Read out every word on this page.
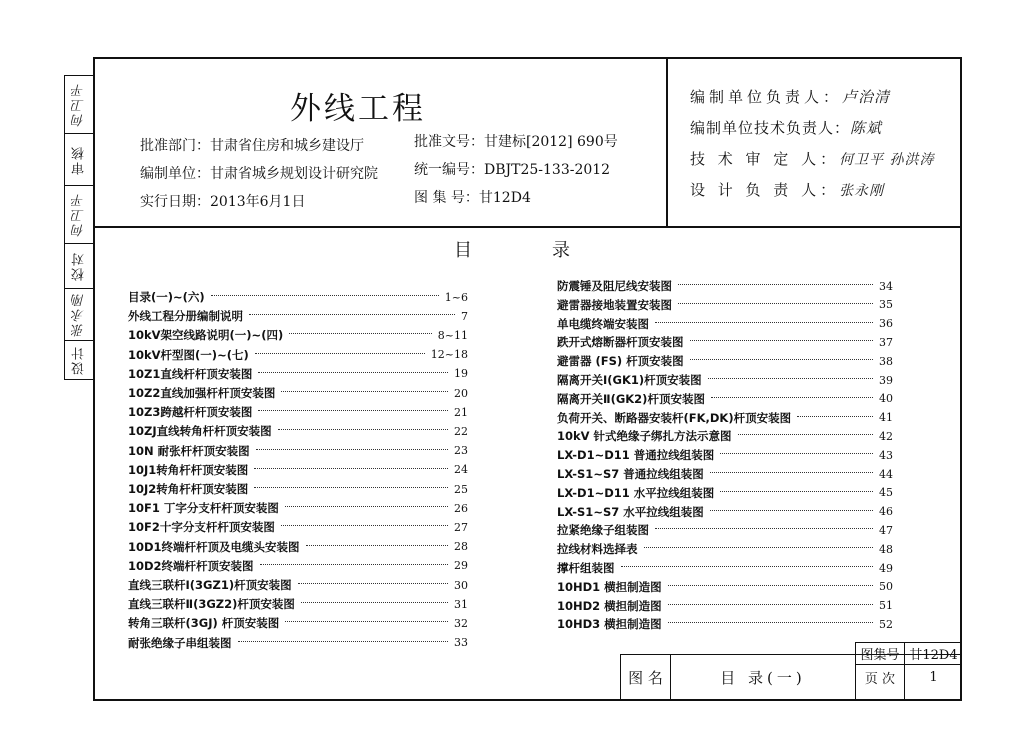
何卫平
审核
何卫平
校对
张永刚
设计
外线工程
批准部门：甘肃省住房和城乡建设厅
编制单位：甘肃省城乡规划设计研究院
实行日期：2013年6月1日
批准文号：甘建标[2012] 690号
统一编号：DBJT25-133-2012
图 集 号：甘12D4
编制单位负责人：卢治清
编制单位技术负责人：陈斌
技 术 审 定 人：何卫平 孙洪涛
设 计 负 责 人：张永刚
目	录
目录(一)~(六)	1~6
外线工程分册编制说明	7
10kV架空线路说明(一)~(四)	8~11
10kV杆型图(一)~(七)	12~18
10Z1直线杆杆顶安装图	19
10Z2直线加强杆杆顶安装图	20
10Z3跨越杆杆顶安装图	21
10ZJ直线转角杆杆顶安装图	22
10N 耐张杆杆顶安装图	23
10J1转角杆杆顶安装图	24
10J2转角杆杆顶安装图	25
10F1 丁字分支杆杆顶安装图	26
10F2十字分支杆杆顶安装图	27
10D1终端杆杆顶及电缆头安装图	28
10D2终端杆杆顶安装图	29
直线三联杆Ⅰ(3GZ1)杆顶安装图	30
直线三联杆Ⅱ(3GZ2)杆顶安装图	31
转角三联杆(3GJ) 杆顶安装图	32
耐张绝缘子串组装图	33
防震锤及阻尼线安装图	34
避雷器接地装置安装图	35
单电缆终端安装图	36
跌开式熔断器杆顶安装图	37
避雷器 (FS) 杆顶安装图	38
隔离开关Ⅰ(GK1)杆顶安装图	39
隔离开关Ⅱ(GK2)杆顶安装图	40
负荷开关、断路器安装杆(FK,DK)杆顶安装图	41
10kV 针式绝缘子绑扎方法示意图	42
LX-D1~D11 普通拉线组装图	43
LX-S1~S7 普通拉线组装图	44
LX-D1~D11 水平拉线组装图	45
LX-S1~S7 水平拉线组装图	46
拉紧绝缘子组装图	47
拉线材料选择表	48
撑杆组装图	49
10HD1 横担制造图	50
10HD2 横担制造图	51
10HD3 横担制造图	52
图 名	目 录(一)
图集号 甘12D4
页 次	1
